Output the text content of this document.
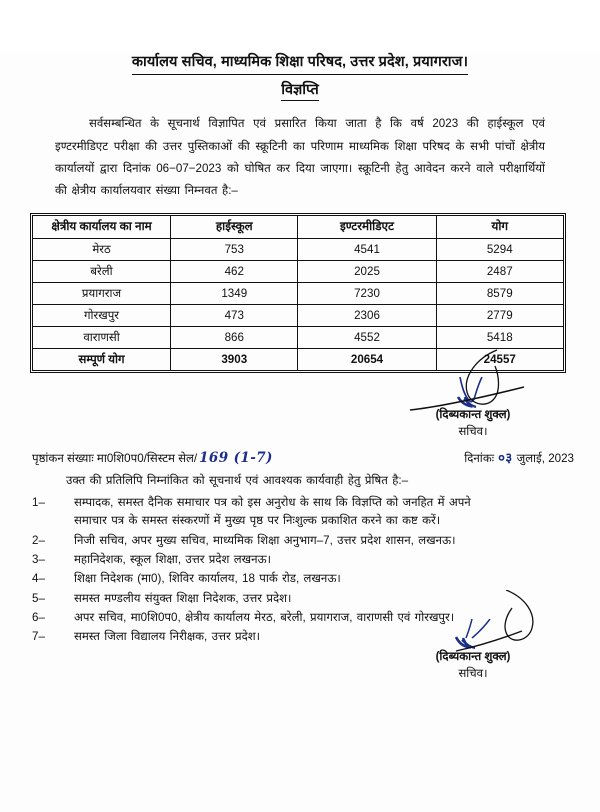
कार्यालय सचिव, माध्यमिक शिक्षा परिषद, उत्तर प्रदेश, प्रयागराज।
विज्ञप्ति

सर्वसम्बन्धित के सूचनार्थ विज्ञापित एवं प्रसारित किया जाता है कि वर्ष 2023 की हाईस्कूल एवं इण्टरमीडिएट परीक्षा की उत्तर पुस्तिकाओं की स्क्रूटिनी का परिणाम माध्यमिक शिक्षा परिषद के सभी पांचों क्षेत्रीय कार्यालयों द्वारा दिनांक 06−07−2023 को घोषित कर दिया जाएगा। स्क्रूटिनी हेतु आवेदन करने वाले परीक्षार्थियों की क्षेत्रीय कार्यालयवार संख्या निम्नवत है:–

क्षेत्रीय कार्यालय का नाम	हाईस्कूल	इण्टरमीडिएट	योग
मेरठ	753	4541	5294
बरेली	462	2025	2487
प्रयागराज	1349	7230	8579
गोरखपुर	473	2306	2779
वाराणसी	866	4552	5418
सम्पूर्ण योग	3903	20654	24557
(दिब्यकान्त शुक्ल)
सचिव।
पृष्ठांकन संख्याः मा0शि0प0/सिस्टम सेल/ 169 (1-7)	दिनांकः ०३ जुलाई, 2023
उक्त की प्रतिलिपि निम्नांकित को सूचनार्थ एवं आवश्यक कार्यवाही हेतु प्रेषित है:–
1–	सम्पादक, समस्त दैनिक समाचार पत्र को इस अनुरोध के साथ कि विज्ञप्ति को जनहित में अपने
समाचार पत्र के समस्त संस्करणों में मुख्य पृष्ठ पर निःशुल्क प्रकाशित करने का कष्ट करें।
2–	निजी सचिव, अपर मुख्य सचिव, माध्यमिक शिक्षा अनुभाग–7, उत्तर प्रदेश शासन, लखनऊ।
3–	महानिदेशक, स्कूल शिक्षा, उत्तर प्रदेश लखनऊ।
4–	शिक्षा निदेशक (मा0), शिविर कार्यालय, 18 पार्क रोड, लखनऊ।
5–	समस्त मण्डलीय संयुक्त शिक्षा निदेशक, उत्तर प्रदेश।
6–	अपर सचिव, मा0शि0प0, क्षेत्रीय कार्यालय मेरठ, बरेली, प्रयागराज, वाराणसी एवं गोरखपुर।
7–	समस्त जिला विद्यालय निरीक्षक, उत्तर प्रदेश।
(दिब्यकान्त शुक्ल)
सचिव।
